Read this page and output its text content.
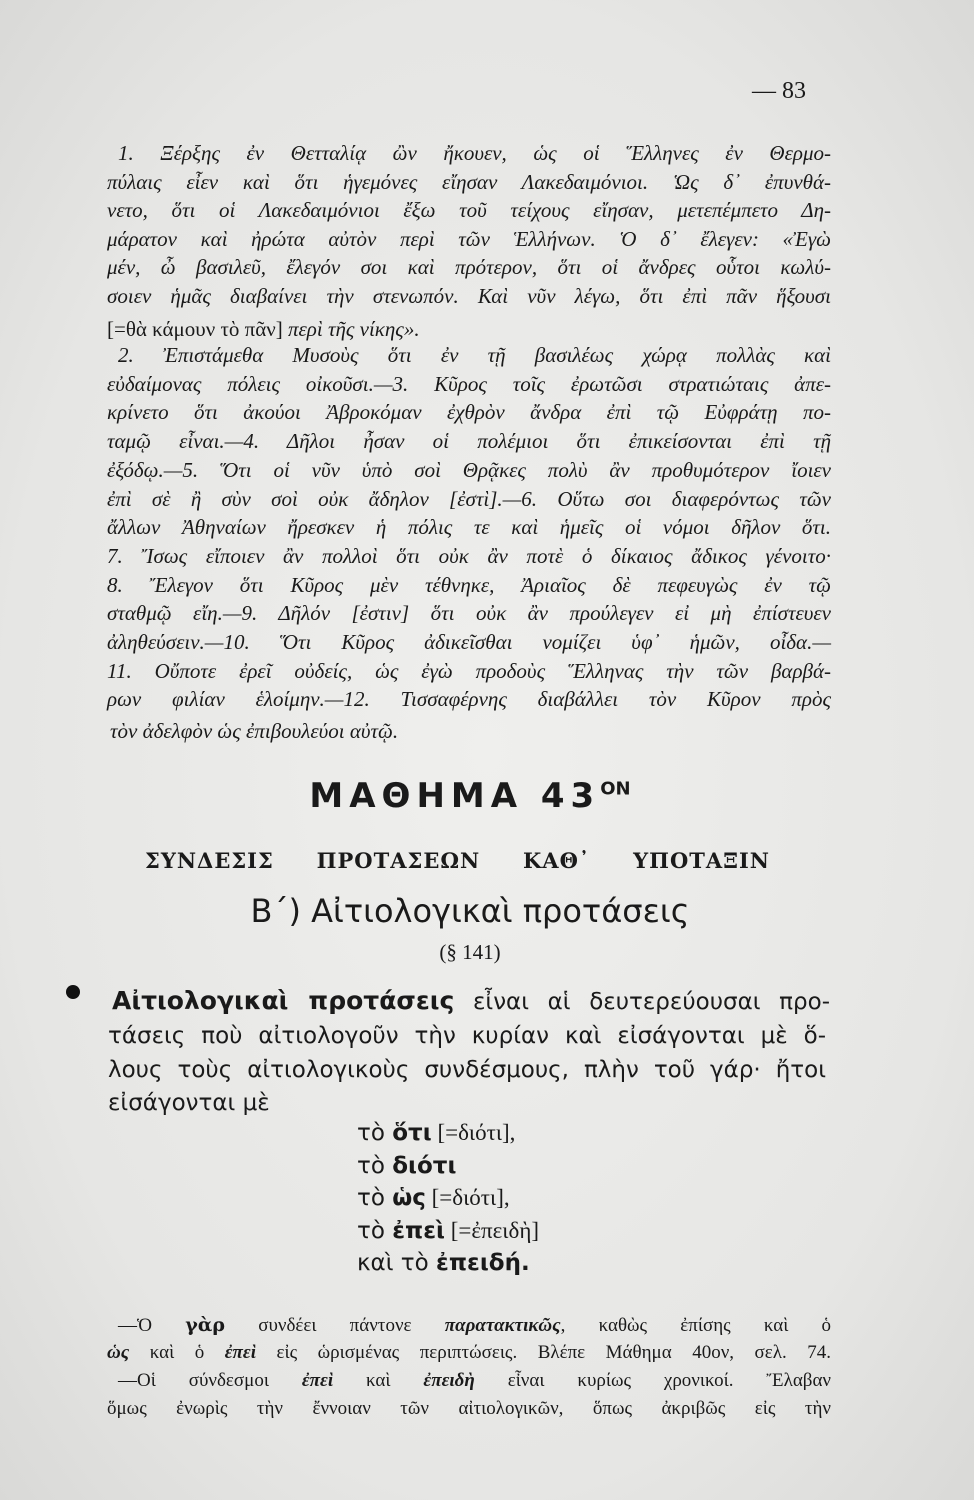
— 83
1. Ξέρξης ἐν Θετταλίᾳ ὢν ἤκουεν, ὡς οἱ Ἕλληνες ἐν Θερμο-
πύλαις εἶεν καὶ ὅτι ἡγεμόνες εἴησαν Λακεδαιμόνιοι. Ὡς δ᾽ ἐπυνθά-
νετο, ὅτι οἱ Λακεδαιμόνιοι ἔξω τοῦ τείχους εἴησαν, μετεπέμπετο Δη-
μάρατον καὶ ἠρώτα αὐτὸν περὶ τῶν Ἑλλήνων. Ὁ δ᾽ ἔλεγεν: «Ἐγὼ
μέν, ὦ βασιλεῦ, ἔλεγόν σοι καὶ πρότερον, ὅτι οἱ ἄνδρες οὗτοι κωλύ-
σοιεν ἡμᾶς διαβαίνει τὴν στενωπόν. Καὶ νῦν λέγω, ὅτι ἐπὶ πᾶν ἥξουσι
[=θὰ κάμουν τὸ πᾶν] περὶ τῆς νίκης».
2. Ἐπιστάμεθα Μυσοὺς ὅτι ἐν τῇ βασιλέως χώρᾳ πολλὰς καὶ
εὐδαίμονας πόλεις οἰκοῦσι.—3. Κῦρος τοῖς ἐρωτῶσι στρατιώταις ἀπε-
κρίνετο ὅτι ἀκούοι Ἀβροκόμαν ἐχθρὸν ἄνδρα ἐπὶ τῷ Εὐφράτῃ πο-
ταμῷ εἶναι.—4. Δῆλοι ἦσαν οἱ πολέμιοι ὅτι ἐπικείσονται ἐπὶ τῇ
ἐξόδῳ.—5. Ὅτι οἱ νῦν ὑπὸ σοὶ Θρᾷκες πολὺ ἂν προθυμότερον ἴοιεν
ἐπὶ σὲ ἢ σὺν σοὶ οὐκ ἄδηλον [ἐστὶ].—6. Οὕτω σοι διαφερόντως τῶν
ἄλλων Ἀθηναίων ἤρεσκεν ἡ πόλις τε καὶ ἡμεῖς οἱ νόμοι δῆλον ὅτι.
7. Ἴσως εἴποιεν ἂν πολλοὶ ὅτι οὐκ ἂν ποτὲ ὁ δίκαιος ἄδικος γένοιτο·
8. Ἔλεγον ὅτι Κῦρος μὲν τέθνηκε, Ἀριαῖος δὲ πεφευγὼς ἐν τῷ
σταθμῷ εἴη.—9. Δῆλόν [ἐστιν] ὅτι οὐκ ἂν προύλεγεν εἰ μὴ ἐπίστευεν
ἀληθεύσειν.—10. Ὅτι Κῦρος ἀδικεῖσθαι νομίζει ὑφ᾽ ἡμῶν, οἶδα.—
11. Οὔποτε ἐρεῖ οὐδείς, ὡς ἐγὼ προδοὺς Ἕλληνας τὴν τῶν βαρβά-
ρων φιλίαν ἑλοίμην.—12. Τισσαφέρνης διαβάλλει τὸν Κῦρον πρὸς
τὸν ἀδελφὸν ὡς ἐπιβουλεύοι αὐτῷ.
ΜΑΘΗΜΑ $43^{ON}$
ΣΥΝΔΕΣΙΣ ΠΡΟΤΑΣΕΩΝ ΚΑΘ᾽ ΥΠΟΤΑΞΙΝ
Β΄) Αἰτιολογικαὶ προτάσεις
(§ 141)
Αἰτιολογικαὶ προτάσεις εἶναι αἱ δευτερεύουσαι προ-
τάσεις ποὺ αἰτιολογοῦν τὴν κυρίαν καὶ εἰσάγονται μὲ ὅ-
λους τοὺς αἰτιολογικοὺς συνδέσμους, πλὴν τοῦ γάρ· ἤτοι
εἰσάγονται μὲ
τὸ ὅτι [=διότι],
τὸ διότι
τὸ ὡς [=διότι],
τὸ ἐπεὶ [=ἐπειδὴ]
καὶ τὸ ἐπειδή.
—Ὁ γὰρ συνδέει πάντονε παρατακτικῶς, καθὼς ἐπίσης καὶ ὁ
ὡς καὶ ὁ ἐπεὶ εἰς ὡρισμένας περιπτώσεις. Βλέπε Μάθημα 40ον, σελ. 74.
—Οἱ σύνδεσμοι ἐπεὶ καὶ ἐπειδὴ εἶναι κυρίως χρονικοί. Ἔλαβαν
ὅμως ἐνωρὶς τὴν ἔννοιαν τῶν αἰτιολογικῶν, ὅπως ἀκριβῶς εἰς τὴν
